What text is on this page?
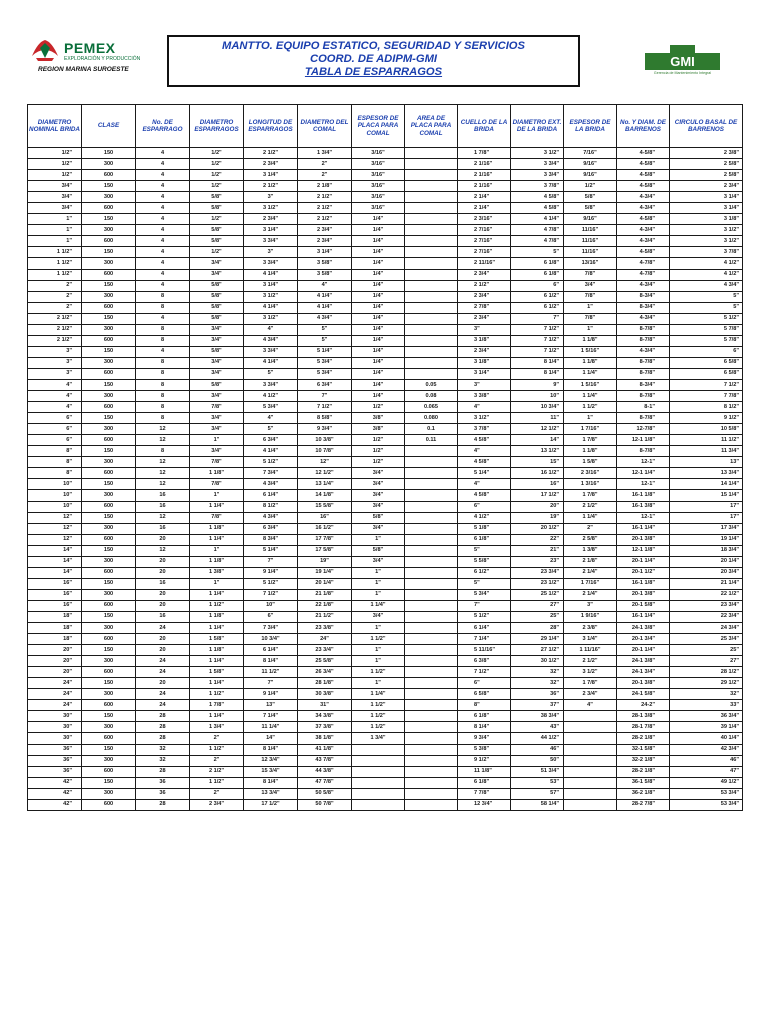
PEMEX
EXPLORACIÓN Y PRODUCCIÓN
REGION MARINA SUROESTE
MANTTO. EQUIPO ESTATICO, SEGURIDAD Y SERVICIOS
COORD. DE ADIPM-GMI
TABLA DE ESPARRAGOS
GMI
Gerencia de Mantenimiento Integral
DIAMETRO NOMINAL BRIDA	CLASE	No. DE ESPARRAGO	DIAMETRO ESPARRAGOS	LONGITUD DE ESPARRAGOS	DIAMETRO DEL COMAL	ESPESOR DE PLACA PARA COMAL	AREA DE PLACA PARA COMAL	CUELLO DE LA BRIDA	DIAMETRO EXT. DE LA BRIDA	ESPESOR DE LA BRIDA	No. Y DIAM. DE BARRENOS	CIRCULO BASAL DE BARRENOS
1/2"	150	4	1/2"	2 1/2"	1 3/4"	3/16"		1 7/8"	3 1/2"	7/16"	4-5/8"	2 3/8"
1/2"	300	4	1/2"	2 3/4"	2"	3/16"		2 1/16"	3 3/4"	9/16"	4-5/8"	2 5/8"
1/2"	600	4	1/2"	3 1/4"	2"	3/16"		2 1/16"	3 3/4"	9/16"	4-5/8"	2 5/8"
3/4"	150	4	1/2"	2 1/2"	2 1/8"	3/16"		2 1/16"	3 7/8"	1/2"	4-5/8"	2 3/4"
3/4"	300	4	5/8"	3"	2 1/2"	3/16"		2 1/4"	4 5/8"	5/8"	4-3/4"	3 1/4"
3/4"	600	4	5/8"	3 1/2"	2 1/2"	3/16"		2 1/4"	4 5/8"	5/8"	4-3/4"	3 1/4"
1"	150	4	1/2"	2 3/4"	2 1/2"	1/4"		2 3/16"	4 1/4"	9/16"	4-5/8"	3 1/8"
1"	300	4	5/8"	3 1/4"	2 3/4"	1/4"		2 7/16"	4 7/8"	11/16"	4-3/4"	3 1/2"
1"	600	4	5/8"	3 3/4"	2 3/4"	1/4"		2 7/16"	4 7/8"	11/16"	4-3/4"	3 1/2"
1 1/2"	150	4	1/2"	3"	3 1/4"	1/4"		2 7/16"	5"	11/16"	4-5/8"	3 7/8"
1 1/2"	300	4	3/4"	3 3/4"	3 5/8"	1/4"		2 11/16"	6 1/8"	13/16"	4-7/8"	4 1/2"
1 1/2"	600	4	3/4"	4 1/4"	3 5/8"	1/4"		2 3/4"	6 1/8"	7/8"	4-7/8"	4 1/2"
2"	150	4	5/8"	3 1/4"	4"	1/4"		2 1/2"	6"	3/4"	4-3/4"	4 3/4"
2"	300	8	5/8"	3 1/2"	4 1/4"	1/4"		2 3/4"	6 1/2"	7/8"	8-3/4"	5"
2"	600	8	5/8"	4 1/4"	4 1/4"	1/4"		2 7/8"	6 1/2"	1"	8-3/4"	5"
2 1/2"	150	4	5/8"	3 1/2"	4 3/4"	1/4"		2 3/4"	7"	7/8"	4-3/4"	5 1/2"
2 1/2"	300	8	3/4"	4"	5"	1/4"		3"	7 1/2"	1"	8-7/8"	5 7/8"
2 1/2"	600	8	3/4"	4 3/4"	5"	1/4"		3 1/8"	7 1/2"	1 1/8"	8-7/8"	5 7/8"
3"	150	4	5/8"	3 3/4"	5 1/4"	1/4"		2 3/4"	7 1/2"	1 5/16"	4-3/4"	6"
3"	300	8	3/4"	4 1/4"	5 3/4"	1/4"		3 1/8"	8 1/4"	1 1/8"	8-7/8"	6 5/8"
3"	600	8	3/4"	5"	5 3/4"	1/4"		3 1/4"	8 1/4"	1 1/4"	8-7/8"	6 5/8"
4"	150	8	5/8"	3 3/4"	6 3/4"	1/4"	0.05	3"	9"	1 5/16"	8-3/4"	7 1/2"
4"	300	8	3/4"	4 1/2"	7"	1/4"	0.08	3 3/8"	10"	1 1/4"	8-7/8"	7 7/8"
4"	600	8	7/8"	5 3/4"	7 1/2"	1/2"	0.065	4"	10 3/4"	1 1/2"	8-1"	8 1/2"
6"	150	8	3/4"	4"	8 5/8"	3/8"	0.080	3 1/2"	11"	1"	8-7/8"	9 1/2"
6"	300	12	3/4"	5"	9 3/4"	3/8"	0.1	3 7/8"	12 1/2"	1 7/16"	12-7/8"	10 5/8"
6"	600	12	1"	6 3/4"	10 3/8"	1/2"	0.11	4 5/8"	14"	1 7/8"	12-1 1/8"	11 1/2"
8"	150	8	3/4"	4 1/4"	10 7/8"	1/2"		4"	13 1/2"	1 1/8"	8-7/8"	11 3/4"
8"	300	12	7/8"	5 1/2"	12"	1/2"		4 5/8"	15"	1 5/8"	12-1"	13"
8"	600	12	1 1/8"	7 3/4"	12 1/2"	3/4"		5 1/4"	16 1/2"	2 3/16"	12-1 1/4"	13 3/4"
10"	150	12	7/8"	4 3/4"	13 1/4"	3/4"		4"	16"	1 3/16"	12-1"	14 1/4"
10"	300	16	1"	6 1/4"	14 1/8"	3/4"		4 5/8"	17 1/2"	1 7/8"	16-1 1/8"	15 1/4"
10"	600	16	1 1/4"	8 1/2"	15 5/8"	3/4"		6"	20"	2 1/2"	16-1 3/8"	17"
12"	150	12	7/8"	4 3/4"	16"	5/8"		4 1/2"	19"	1 1/4"	12-1"	17"
12"	300	16	1 1/8"	6 3/4"	16 1/2"	3/4"		5 1/8"	20 1/2"	2"	16-1 1/4"	17 3/4"
12"	600	20	1 1/4"	8 3/4"	17 7/8"	1"		6 1/8"	22"	2 5/8"	20-1 3/8"	19 1/4"
14"	150	12	1"	5 1/4"	17 5/8"	5/8"		5"	21"	1 3/8"	12-1 1/8"	18 3/4"
14"	300	20	1 1/8"	7"	19"	3/4"		5 5/8"	23"	2 1/8"	20-1 1/4"	20 1/4"
14"	600	20	1 3/8"	9 1/4"	19 1/4"	1"		6 1/2"	23 3/4"	2 1/4"	20-1 1/2"	20 3/4"
16"	150	16	1"	5 1/2"	20 1/4"	1"		5"	23 1/2"	1 7/16"	16-1 1/8"	21 1/4"
16"	300	20	1 1/4"	7 1/2"	21 1/8"	1"		5 3/4"	25 1/2"	2 1/4"	20-1 3/8"	22 1/2"
16"	600	20	1 1/2"	10"	22 1/8"	1 1/4"		7"	27"	3"	20-1 5/8"	23 3/4"
18"	150	16	1 1/8"	6"	21 1/2"	3/4"		5 1/2"	25"	1 9/16"	16-1 1/4"	22 3/4"
18"	300	24	1 1/4"	7 3/4"	23 3/8"	1"		6 1/4"	28"	2 3/8"	24-1 3/8"	24 3/4"
18"	600	20	1 5/8"	10 3/4"	24"	1 1/2"		7 1/4"	29 1/4"	3 1/4"	20-1 3/4"	25 3/4"
20"	150	20	1 1/8"	6 1/4"	23 3/4"	1"		5 11/16"	27 1/2"	1 11/16"	20-1 1/4"	25"
20"	300	24	1 1/4"	8 1/4"	25 5/8"	1"		6 3/8"	30 1/2"	2 1/2"	24-1 3/8"	27"
20"	600	24	1 5/8"	11 1/2"	26 3/4"	1 1/2"		7 1/2"	32"	3 1/2"	24-1 3/4"	28 1/2"
24"	150	20	1 1/4"	7"	28 1/8"	1"		6"	32"	1 7/8"	20-1 3/8"	29 1/2"
24"	300	24	1 1/2"	9 1/4"	30 3/8"	1 1/4"		6 5/8"	36"	2 3/4"	24-1 5/8"	32"
24"	600	24	1 7/8"	13"	31"	1 1/2"		8"	37"	4"	24-2"	33"
30"	150	28	1 1/4"	7 1/4"	34 3/8"	1 1/2"		6 1/8"	38 3/4"		28-1 3/8"	36 3/4"
30"	300	28	1 3/4"	11 1/4"	37 3/8"	1 1/2"		8 1/4"	43"		28-1 7/8"	39 1/4"
30"	600	28	2"	14"	38 1/8"	1 3/4"		9 3/4"	44 1/2"		28-2 1/8"	40 1/4"
36"	150	32	1 1/2"	8 1/4"	41 1/8"			5 3/8"	46"		32-1 5/8"	42 3/4"
36"	300	32	2"	12 3/4"	43 7/8"			9 1/2"	50"		32-2 1/8"	46"
36"	600	28	2 1/2"	15 3/4"	44 3/8"			11 1/8"	51 3/4"		28-2 1/8"	47"
42"	150	36	1 1/2"	8 1/4"	47 7/8"			6 1/8"	53"		36-1 5/8"	49 1/2"
42"	300	36	2"	13 3/4"	50 5/8"			7 7/8"	57"		36-2 1/8"	53 3/4"
42"	600	28	2 3/4"	17 1/2"	50 7/8"			12 3/4"	58 1/4"		28-2 7/8"	53 3/4"
